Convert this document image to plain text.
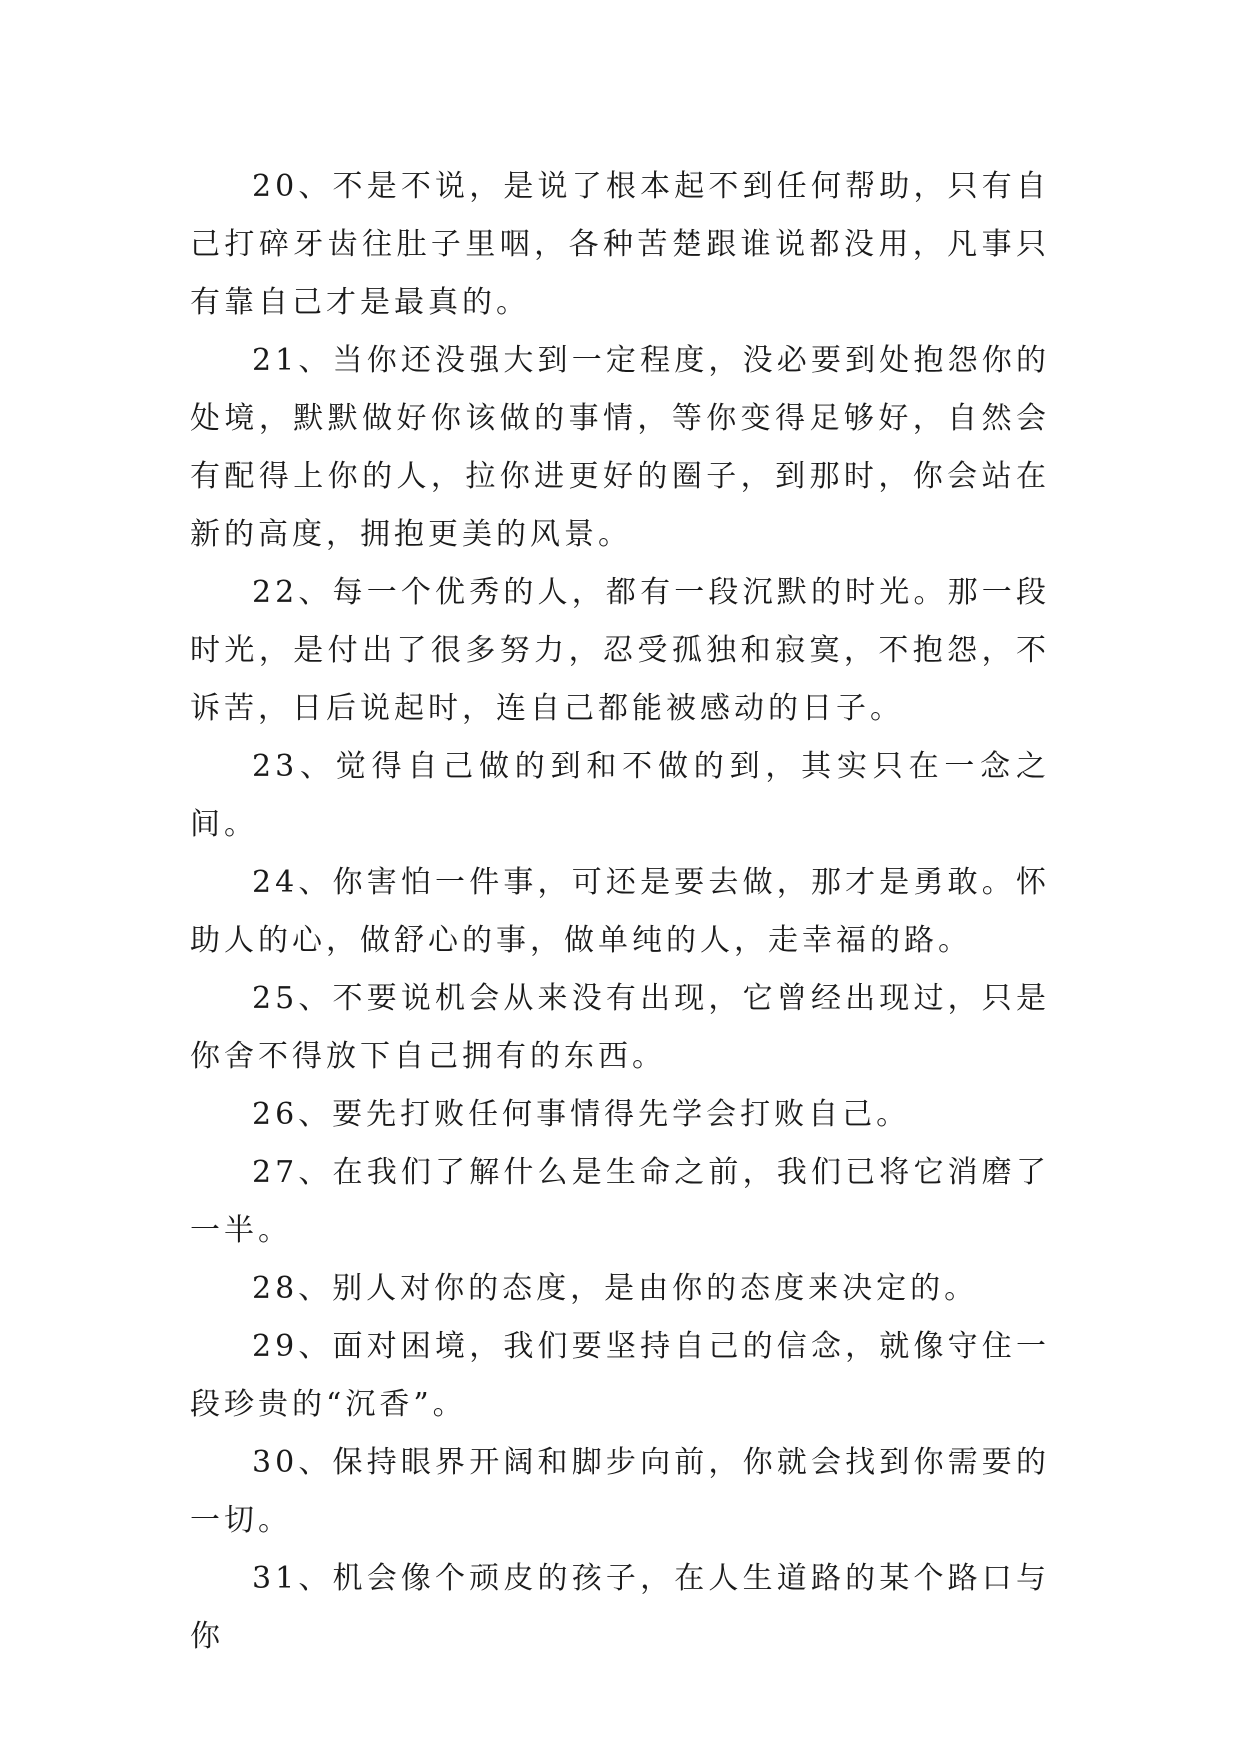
20、不是不说，是说了根本起不到任何帮助，只有自己打碎牙齿往肚子里咽，各种苦楚跟谁说都没用，凡事只有靠自己才是最真的。

21、当你还没强大到一定程度，没必要到处抱怨你的处境，默默做好你该做的事情，等你变得足够好，自然会有配得上你的人，拉你进更好的圈子，到那时，你会站在新的高度，拥抱更美的风景。

22、每一个优秀的人，都有一段沉默的时光。那一段时光，是付出了很多努力，忍受孤独和寂寞，不抱怨，不诉苦，日后说起时，连自己都能被感动的日子。

23、觉得自己做的到和不做的到，其实只在一念之间。

24、你害怕一件事，可还是要去做，那才是勇敢。怀助人的心，做舒心的事，做单纯的人，走幸福的路。

25、不要说机会从来没有出现，它曾经出现过，只是你舍不得放下自己拥有的东西。

26、要先打败任何事情得先学会打败自己。

27、在我们了解什么是生命之前，我们已将它消磨了一半。

28、别人对你的态度，是由你的态度来决定的。

29、面对困境，我们要坚持自己的信念，就像守住一段珍贵的“沉香”。

30、保持眼界开阔和脚步向前，你就会找到你需要的一切。

31、机会像个顽皮的孩子，在人生道路的某个路口与你
